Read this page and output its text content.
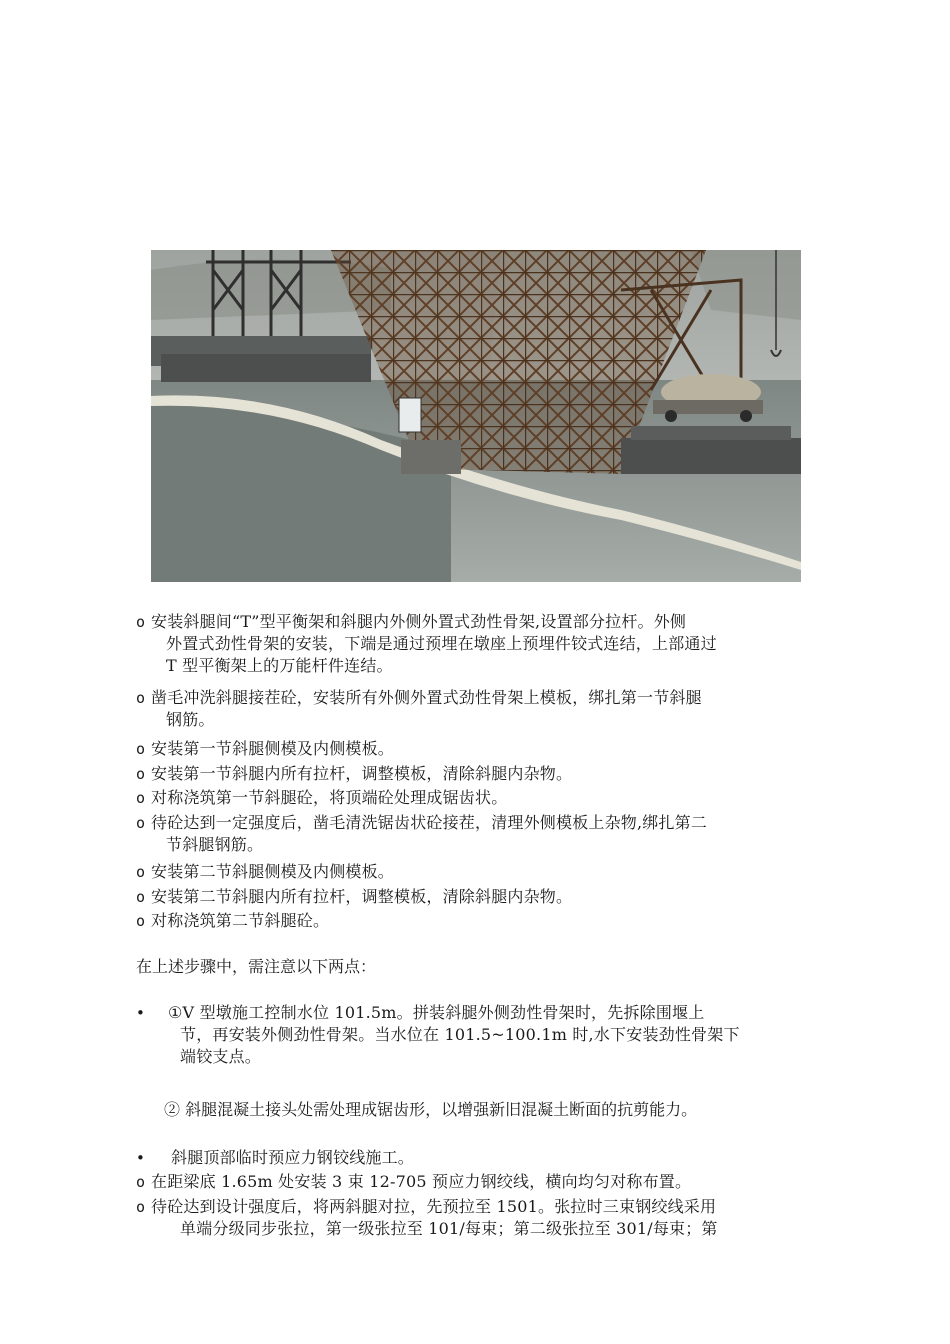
o 安装斜腿间“T”型平衡架和斜腿内外侧外置式劲性骨架,设置部分拉杆。外侧
外置式劲性骨架的安装，下端是通过预埋在墩座上预埋件铰式连结，上部通过
T 型平衡架上的万能杆件连结。
o 凿毛冲洗斜腿接茬砼，安装所有外侧外置式劲性骨架上模板，绑扎第一节斜腿
钢筋。
o 安装第一节斜腿侧模及内侧模板。
o 安装第一节斜腿内所有拉杆，调整模板，清除斜腿内杂物。
o 对称浇筑第一节斜腿砼，将顶端砼处理成锯齿状。
o 待砼达到一定强度后，凿毛清洗锯齿状砼接茬，清理外侧模板上杂物,绑扎第二
节斜腿钢筋。
o 安装第二节斜腿侧模及内侧模板。
o 安装第二节斜腿内所有拉杆，调整模板，清除斜腿内杂物。
o 对称浇筑第二节斜腿砼。
在上述步骤中，需注意以下两点：
•	①V 型墩施工控制水位 101.5m。拼装斜腿外侧劲性骨架时，先拆除围堰上
节，再安装外侧劲性骨架。当水位在 101.5~100.1m 时,水下安装劲性骨架下
端铰支点。
② 斜腿混凝土接头处需处理成锯齿形，以增强新旧混凝土断面的抗剪能力。
•	斜腿顶部临时预应力钢铰线施工。
o 在距梁底 1.65m 处安装 3 束 12-705 预应力钢绞线，横向均匀对称布置。
o 待砼达到设计强度后，将两斜腿对拉，先预拉至 1501。张拉时三束钢绞线采用
单端分级同步张拉，第一级张拉至 101/每束；第二级张拉至 301/每束；第
